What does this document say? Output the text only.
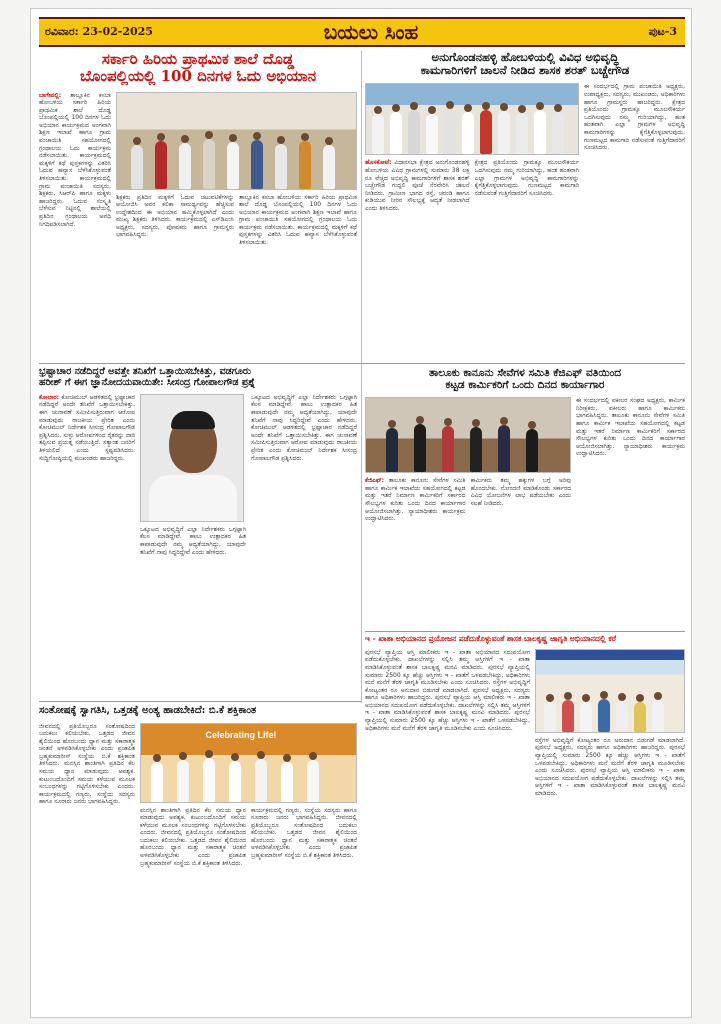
ರವಿವಾರ: 23-02-2025	ಬಯಲು ಸಿಂಹ	ಪುಟ-3
ಸರ್ಕಾರಿ ಹಿರಿಯ ಪ್ರಾಥಮಿಕ ಶಾಲೆ ದೊಡ್ಡ
ಬೊಂಪಲ್ಲಿಯಲ್ಲಿ 100 ದಿನಗಳ ಓದು ಅಭಿಯಾನ
ಬಾಗೇಪಲ್ಲಿ: ತಾಲ್ಲೂಕಿನ ಕಸಬಾ ಹೋಬಳಿಯ ಸರ್ಕಾರಿ ಹಿರಿಯ ಪ್ರಾಥಮಿಕ ಶಾಲೆ ದೊಡ್ಡ ಬೊಂಪಲ್ಲಿಯಲ್ಲಿ 100 ದಿನಗಳ ಓದು ಅಭಿಯಾನ ಕಾರ್ಯಕ್ರಮದ ಅಂಗವಾಗಿ ಶಿಕ್ಷಣ ಇಲಾಖೆ ಹಾಗೂ ಗ್ರಾಮ ಪಂಚಾಯಿತಿ ಸಹಯೋಗದಲ್ಲಿ ಗ್ರಂಥಾಲಯ ಓದು ಕಾರ್ಯಕ್ರಮ ನಡೆಸಲಾಯಿತು. ಕಾರ್ಯಕ್ರಮದಲ್ಲಿ ಮಕ್ಕಳಿಗೆ ಕಥೆ ಪುಸ್ತಕಗಳನ್ನು ವಿತರಿಸಿ ಓದುವ ಹವ್ಯಾಸ ಬೆಳೆಸಿಕೊಳ್ಳುವಂತೆ ತಿಳಿಸಲಾಯಿತು. ಕಾರ್ಯಕ್ರಮದಲ್ಲಿ ಗ್ರಾಮ ಪಂಚಾಯಿತಿ ಸದಸ್ಯರು, ಶಿಕ್ಷಕರು, ಸಿಆರ್‌ಪಿ ಹಾಗೂ ಮಕ್ಕಳು ಹಾಜರಿದ್ದರು. ಓದುವ ಸಂಸ್ಕೃತಿ ಬೆಳೆಸುವ ನಿಟ್ಟಿನಲ್ಲಿ ಶಾಲೆಯಲ್ಲಿ ಪ್ರತಿದಿನ ಗ್ರಂಥಾಲಯ ಅವಧಿ ನಿಗದಿಪಡಿಸಲಾಗಿದೆ.
ಶಿಕ್ಷಕರು ಪ್ರತಿದಿನ ಮಕ್ಕಳಿಗೆ ಓದುವ ಚಟುವಟಿಕೆಗಳನ್ನು ಆಯೋಜಿಸಿ ಅವರ ಕಲಿಕಾ ಸಾಮರ್ಥ್ಯವನ್ನು ಹೆಚ್ಚಿಸುವ ಉದ್ದೇಶದಿಂದ ಈ ಅಭಿಯಾನ ಹಮ್ಮಿಕೊಳ್ಳಲಾಗಿದೆ ಎಂದು ಮುಖ್ಯ ಶಿಕ್ಷಕರು ತಿಳಿಸಿದರು. ಕಾರ್ಯಕ್ರಮದಲ್ಲಿ ಎಸ್‌ಡಿಎಂಸಿ ಅಧ್ಯಕ್ಷರು, ಸದಸ್ಯರು, ಪೋಷಕರು ಹಾಗೂ ಗ್ರಾಮಸ್ಥರು ಭಾಗವಹಿಸಿದ್ದರು.
ತಾಲ್ಲೂಕಿನ ಕಸಬಾ ಹೋಬಳಿಯ ಸರ್ಕಾರಿ ಹಿರಿಯ ಪ್ರಾಥಮಿಕ ಶಾಲೆ ದೊಡ್ಡ ಬೊಂಪಲ್ಲಿಯಲ್ಲಿ 100 ದಿನಗಳ ಓದು ಅಭಿಯಾನ ಕಾರ್ಯಕ್ರಮದ ಅಂಗವಾಗಿ ಶಿಕ್ಷಣ ಇಲಾಖೆ ಹಾಗೂ ಗ್ರಾಮ ಪಂಚಾಯಿತಿ ಸಹಯೋಗದಲ್ಲಿ ಗ್ರಂಥಾಲಯ ಓದು ಕಾರ್ಯಕ್ರಮ ನಡೆಸಲಾಯಿತು. ಕಾರ್ಯಕ್ರಮದಲ್ಲಿ ಮಕ್ಕಳಿಗೆ ಕಥೆ ಪುಸ್ತಕಗಳನ್ನು ವಿತರಿಸಿ ಓದುವ ಹವ್ಯಾಸ ಬೆಳೆಸಿಕೊಳ್ಳುವಂತೆ ತಿಳಿಸಲಾಯಿತು.
ಅನುಗೊಂಡನಹಳ್ಳಿ ಹೋಬಳಿಯಲ್ಲಿ ವಿವಿಧ ಅಭಿವೃದ್ಧಿ
ಕಾಮಗಾರಿಗಳಿಗೆ ಚಾಲನೆ ನೀಡಿದ ಶಾಸಕ ಶರತ್ ಬಚ್ಚೇಗೌಡ
ಹೊಸಕೋಟೆ: ವಿಧಾನಸಭಾ ಕ್ಷೇತ್ರದ ಅನುಗೊಂಡನಹಳ್ಳಿ ಹೋಬಳಿಯ ವಿವಿಧ ಗ್ರಾಮಗಳಲ್ಲಿ ಸುಮಾರು 38 ಲಕ್ಷ ರೂ ವೆಚ್ಚದ ಅಭಿವೃದ್ಧಿ ಕಾಮಗಾರಿಗಳಿಗೆ ಶಾಸಕ ಶರತ್ ಬಚ್ಚೇಗೌಡ ಗುದ್ದಲಿ ಪೂಜೆ ನೆರವೇರಿಸಿ ಚಾಲನೆ ನೀಡಿದರು. ಗ್ರಾಮೀಣ ಭಾಗದ ರಸ್ತೆ, ಚರಂಡಿ ಹಾಗೂ ಕುಡಿಯುವ ನೀರಿನ ಸೌಲಭ್ಯಕ್ಕೆ ಆದ್ಯತೆ ನೀಡಲಾಗಿದೆ ಎಂದು ತಿಳಿಸಿದರು.
ಕ್ಷೇತ್ರದ ಪ್ರತಿಯೊಂದು ಗ್ರಾಮಕ್ಕೂ ಮೂಲಸೌಕರ್ಯ ಒದಗಿಸುವುದು ನಮ್ಮ ಗುರಿಯಾಗಿದ್ದು, ಹಂತ ಹಂತವಾಗಿ ಎಲ್ಲಾ ಗ್ರಾಮಗಳ ಅಭಿವೃದ್ಧಿ ಕಾಮಗಾರಿಗಳನ್ನು ಕೈಗೆತ್ತಿಕೊಳ್ಳಲಾಗುವುದು. ಗುಣಮಟ್ಟದ ಕಾಮಗಾರಿ ನಡೆಸುವಂತೆ ಗುತ್ತಿಗೆದಾರರಿಗೆ ಸೂಚಿಸಿದರು.
ಈ ಸಂದರ್ಭದಲ್ಲಿ ಗ್ರಾಮ ಪಂಚಾಯಿತಿ ಅಧ್ಯಕ್ಷರು, ಉಪಾಧ್ಯಕ್ಷರು, ಸದಸ್ಯರು, ಮುಖಂಡರು, ಅಧಿಕಾರಿಗಳು ಹಾಗೂ ಗ್ರಾಮಸ್ಥರು ಹಾಜರಿದ್ದರು. ಕ್ಷೇತ್ರದ ಪ್ರತಿಯೊಂದು ಗ್ರಾಮಕ್ಕೂ ಮೂಲಸೌಕರ್ಯ ಒದಗಿಸುವುದು ನಮ್ಮ ಗುರಿಯಾಗಿದ್ದು, ಹಂತ ಹಂತವಾಗಿ ಎಲ್ಲಾ ಗ್ರಾಮಗಳ ಅಭಿವೃದ್ಧಿ ಕಾಮಗಾರಿಗಳನ್ನು ಕೈಗೆತ್ತಿಕೊಳ್ಳಲಾಗುವುದು. ಗುಣಮಟ್ಟದ ಕಾಮಗಾರಿ ನಡೆಸುವಂತೆ ಗುತ್ತಿಗೆದಾರರಿಗೆ ಸೂಚಿಸಿದರು.
ಭ್ರಷ್ಟಾಚಾರ ನಡೆದಿದ್ದರೆ ಅವತ್ತೇ ತನಿಖೆಗೆ ಒತ್ತಾಯಿಸಬೇಕಿತ್ತು, ವಡಗೂರು
ಹರೀಶ್ ಗೆ ಈಗ ಜ್ಞಾನೋದಯವಾಯಿತೇ: ಸೀಸಂದ್ರ ಗೋಪಾಲಗೌಡ ಪ್ರಶ್ನೆ
ಕೋಲಾರ: ಕೋಚಿಮುಲ್ ಆಡಳಿತದಲ್ಲಿ ಭ್ರಷ್ಟಾಚಾರ ನಡೆದಿದ್ದರೆ ಅಂದೇ ತನಿಖೆಗೆ ಒತ್ತಾಯಿಸಬೇಕಿತ್ತು. ಈಗ ಚುನಾವಣೆ ಸಮೀಪಿಸುತ್ತಿರುವಾಗ ಆರೋಪ ಮಾಡುವುದು ರಾಜಕೀಯ ಪ್ರೇರಿತ ಎಂದು ಕೋಚಿಮುಲ್ ನಿರ್ದೇಶಕ ಸೀಸಂದ್ರ ಗೋಪಾಲಗೌಡ ಪ್ರಶ್ನಿಸಿದರು. ಸುಳ್ಳು ಆರೋಪಗಳಿಂದ ರೈತರನ್ನು ದಾರಿ ತಪ್ಪಿಸುವ ಪ್ರಯತ್ನ ನಡೆಯುತ್ತಿದೆ. ಸತ್ಯಾಂಶ ಜನರಿಗೆ ತಿಳಿಯಲಿದೆ ಎಂದು ಸ್ಪಷ್ಟಪಡಿಸಿದರು. ಸುದ್ದಿಗೋಷ್ಠಿಯಲ್ಲಿ ಮುಖಂಡರು ಹಾಜರಿದ್ದರು.
ಒಕ್ಕೂಟದ ಅಭಿವೃದ್ಧಿಗೆ ಎಲ್ಲಾ ನಿರ್ದೇಶಕರು ಒಗ್ಗಟ್ಟಾಗಿ ಕೆಲಸ ಮಾಡಿದ್ದೇವೆ. ಹಾಲು ಉತ್ಪಾದಕರ ಹಿತ ಕಾಪಾಡುವುದೇ ನಮ್ಮ ಆದ್ಯತೆಯಾಗಿದ್ದು, ಯಾವುದೇ ತನಿಖೆಗೆ ನಾವು ಸಿದ್ಧರಿದ್ದೇವೆ ಎಂದು ಹೇಳಿದರು.
ಒಕ್ಕೂಟದ ಅಭಿವೃದ್ಧಿಗೆ ಎಲ್ಲಾ ನಿರ್ದೇಶಕರು ಒಗ್ಗಟ್ಟಾಗಿ ಕೆಲಸ ಮಾಡಿದ್ದೇವೆ. ಹಾಲು ಉತ್ಪಾದಕರ ಹಿತ ಕಾಪಾಡುವುದೇ ನಮ್ಮ ಆದ್ಯತೆಯಾಗಿದ್ದು, ಯಾವುದೇ ತನಿಖೆಗೆ ನಾವು ಸಿದ್ಧರಿದ್ದೇವೆ ಎಂದು ಹೇಳಿದರು. ಕೋಚಿಮುಲ್ ಆಡಳಿತದಲ್ಲಿ ಭ್ರಷ್ಟಾಚಾರ ನಡೆದಿದ್ದರೆ ಅಂದೇ ತನಿಖೆಗೆ ಒತ್ತಾಯಿಸಬೇಕಿತ್ತು. ಈಗ ಚುನಾವಣೆ ಸಮೀಪಿಸುತ್ತಿರುವಾಗ ಆರೋಪ ಮಾಡುವುದು ರಾಜಕೀಯ ಪ್ರೇರಿತ ಎಂದು ಕೋಚಿಮುಲ್ ನಿರ್ದೇಶಕ ಸೀಸಂದ್ರ ಗೋಪಾಲಗೌಡ ಪ್ರಶ್ನಿಸಿದರು.
ತಾಲೂಕು ಕಾನೂನು ಸೇವೆಗಳ ಸಮಿತಿ ಕೆಜಿಎಫ್ ವತಿಯಿಂದ
ಕಟ್ಟಡ ಕಾರ್ಮಿಕರಿಗೆ ಒಂದು ದಿನದ ಕಾರ್ಯಾಗಾರ
ಕೆಜಿಎಫ್: ತಾಲೂಕು ಕಾನೂನು ಸೇವೆಗಳ ಸಮಿತಿ ಹಾಗೂ ಕಾರ್ಮಿಕ ಇಲಾಖೆಯ ಸಹಯೋಗದಲ್ಲಿ ಕಟ್ಟಡ ಮತ್ತು ಇತರೆ ನಿರ್ಮಾಣ ಕಾರ್ಮಿಕರಿಗೆ ಸರ್ಕಾರದ ಸೌಲಭ್ಯಗಳ ಕುರಿತು ಒಂದು ದಿನದ ಕಾರ್ಯಾಗಾರ ಆಯೋಜಿಸಲಾಗಿತ್ತು. ನ್ಯಾಯಾಧೀಶರು ಕಾರ್ಯಕ್ರಮ ಉದ್ಘಾಟಿಸಿದರು.
ಕಾರ್ಮಿಕರು ತಮ್ಮ ಹಕ್ಕುಗಳ ಬಗ್ಗೆ ಅರಿವು ಹೊಂದಬೇಕು. ನೋಂದಣಿ ಮಾಡಿಕೊಂಡು ಸರ್ಕಾರದ ವಿವಿಧ ಯೋಜನೆಗಳ ಲಾಭ ಪಡೆಯಬೇಕು ಎಂದು ಸಲಹೆ ನೀಡಿದರು.
ಈ ಸಂದರ್ಭದಲ್ಲಿ ವಕೀಲರ ಸಂಘದ ಅಧ್ಯಕ್ಷರು, ಕಾರ್ಮಿಕ ನಿರೀಕ್ಷಕರು, ವಕೀಲರು ಹಾಗೂ ಕಾರ್ಮಿಕರು ಭಾಗವಹಿಸಿದ್ದರು. ತಾಲೂಕು ಕಾನೂನು ಸೇವೆಗಳ ಸಮಿತಿ ಹಾಗೂ ಕಾರ್ಮಿಕ ಇಲಾಖೆಯ ಸಹಯೋಗದಲ್ಲಿ ಕಟ್ಟಡ ಮತ್ತು ಇತರೆ ನಿರ್ಮಾಣ ಕಾರ್ಮಿಕರಿಗೆ ಸರ್ಕಾರದ ಸೌಲಭ್ಯಗಳ ಕುರಿತು ಒಂದು ದಿನದ ಕಾರ್ಯಾಗಾರ ಆಯೋಜಿಸಲಾಗಿತ್ತು. ನ್ಯಾಯಾಧೀಶರು ಕಾರ್ಯಕ್ರಮ ಉದ್ಘಾಟಿಸಿದರು.
ಇ - ಖಾತಾ ಅಭಿಯಾನದ ಪ್ರಯೋಜನ ಪಡೆದುಕೊಳ್ಳುವಂತೆ ಶಾಸಕ ಬಾಲಕೃಷ್ಣ ಜಾಗೃತಿ ಅಭಿಯಾನದಲ್ಲಿ ಕರೆ
ಪುರಸಭೆ ವ್ಯಾಪ್ತಿಯ ಆಸ್ತಿ ಮಾಲೀಕರು ಇ - ಖಾತಾ ಅಭಿಯಾನದ ಸದುಪಯೋಗ ಪಡೆದುಕೊಳ್ಳಬೇಕು. ದಾಖಲೆಗಳನ್ನು ಸಲ್ಲಿಸಿ ತಮ್ಮ ಆಸ್ತಿಗಳಿಗೆ ಇ - ಖಾತಾ ಮಾಡಿಸಿಕೊಳ್ಳುವಂತೆ ಶಾಸಕ ಬಾಲಕೃಷ್ಣ ಮನವಿ ಮಾಡಿದರು. ಪುರಸಭೆ ವ್ಯಾಪ್ತಿಯಲ್ಲಿ ಸುಮಾರು 2500 ಕ್ಕೂ ಹೆಚ್ಚು ಆಸ್ತಿಗಳು ಇ - ಖಾತೆಗೆ ಒಳಪಡಬೇಕಿದ್ದು, ಅಧಿಕಾರಿಗಳು ಮನೆ ಮನೆಗೆ ತೆರಳಿ ಜಾಗೃತಿ ಮೂಡಿಸಬೇಕು ಎಂದು ಸೂಚಿಸಿದರು. ರಸ್ತೆಗಳ ಅಭಿವೃದ್ಧಿಗೆ ಕೋಟ್ಯಂತರ ರೂ ಅನುದಾನ ಬಿಡುಗಡೆ ಮಾಡಲಾಗಿದೆ. ಪುರಸಭೆ ಅಧ್ಯಕ್ಷರು, ಸದಸ್ಯರು ಹಾಗೂ ಅಧಿಕಾರಿಗಳು ಹಾಜರಿದ್ದರು. ಪುರಸಭೆ ವ್ಯಾಪ್ತಿಯ ಆಸ್ತಿ ಮಾಲೀಕರು ಇ - ಖಾತಾ ಅಭಿಯಾನದ ಸದುಪಯೋಗ ಪಡೆದುಕೊಳ್ಳಬೇಕು. ದಾಖಲೆಗಳನ್ನು ಸಲ್ಲಿಸಿ ತಮ್ಮ ಆಸ್ತಿಗಳಿಗೆ ಇ - ಖಾತಾ ಮಾಡಿಸಿಕೊಳ್ಳುವಂತೆ ಶಾಸಕ ಬಾಲಕೃಷ್ಣ ಮನವಿ ಮಾಡಿದರು. ಪುರಸಭೆ ವ್ಯಾಪ್ತಿಯಲ್ಲಿ ಸುಮಾರು 2500 ಕ್ಕೂ ಹೆಚ್ಚು ಆಸ್ತಿಗಳು ಇ - ಖಾತೆಗೆ ಒಳಪಡಬೇಕಿದ್ದು, ಅಧಿಕಾರಿಗಳು ಮನೆ ಮನೆಗೆ ತೆರಳಿ ಜಾಗೃತಿ ಮೂಡಿಸಬೇಕು ಎಂದು ಸೂಚಿಸಿದರು.
ರಸ್ತೆಗಳ ಅಭಿವೃದ್ಧಿಗೆ ಕೋಟ್ಯಂತರ ರೂ ಅನುದಾನ ಬಿಡುಗಡೆ ಮಾಡಲಾಗಿದೆ. ಪುರಸಭೆ ಅಧ್ಯಕ್ಷರು, ಸದಸ್ಯರು ಹಾಗೂ ಅಧಿಕಾರಿಗಳು ಹಾಜರಿದ್ದರು. ಪುರಸಭೆ ವ್ಯಾಪ್ತಿಯಲ್ಲಿ ಸುಮಾರು 2500 ಕ್ಕೂ ಹೆಚ್ಚು ಆಸ್ತಿಗಳು ಇ - ಖಾತೆಗೆ ಒಳಪಡಬೇಕಿದ್ದು, ಅಧಿಕಾರಿಗಳು ಮನೆ ಮನೆಗೆ ತೆರಳಿ ಜಾಗೃತಿ ಮೂಡಿಸಬೇಕು ಎಂದು ಸೂಚಿಸಿದರು. ಪುರಸಭೆ ವ್ಯಾಪ್ತಿಯ ಆಸ್ತಿ ಮಾಲೀಕರು ಇ - ಖಾತಾ ಅಭಿಯಾನದ ಸದುಪಯೋಗ ಪಡೆದುಕೊಳ್ಳಬೇಕು. ದಾಖಲೆಗಳನ್ನು ಸಲ್ಲಿಸಿ ತಮ್ಮ ಆಸ್ತಿಗಳಿಗೆ ಇ - ಖಾತಾ ಮಾಡಿಸಿಕೊಳ್ಳುವಂತೆ ಶಾಸಕ ಬಾಲಕೃಷ್ಣ ಮನವಿ ಮಾಡಿದರು.
ಸಂತೋಷಕ್ಕೆ ಸ್ವಾಗತಿಸಿ, ಒತ್ತಡಕ್ಕೆ ಅಂತ್ಯ ಹಾಡಬೇಕಿದೆ: ಬಿ.ಕೆ ಶಕ್ತಿಕಾಂತ
ಜೀವನದಲ್ಲಿ ಪ್ರತಿಯೊಬ್ಬರೂ ಸಂತೋಷದಿಂದ ಬದುಕಲು ಕಲಿಯಬೇಕು. ಒತ್ತಡದ ಜೀವನ ಶೈಲಿಯಿಂದ ಹೊರಬಂದು ಧ್ಯಾನ ಮತ್ತು ಸಕಾರಾತ್ಮಕ ಚಿಂತನೆ ಅಳವಡಿಸಿಕೊಳ್ಳಬೇಕು ಎಂದು ಪ್ರಜಾಪಿತ ಬ್ರಹ್ಮಕುಮಾರೀಸ್ ಸಂಸ್ಥೆಯ ಬಿ.ಕೆ ಶಕ್ತಿಕಾಂತ ತಿಳಿಸಿದರು. ಮನಸ್ಸಿನ ಶಾಂತಿಗಾಗಿ ಪ್ರತಿದಿನ ಕೆಲ ಸಮಯ ಧ್ಯಾನ ಮಾಡುವುದು ಅವಶ್ಯಕ. ಕುಟುಂಬದೊಂದಿಗೆ ಸಮಯ ಕಳೆಯುವ ಮೂಲಕ ಸಂಬಂಧಗಳನ್ನು ಗಟ್ಟಿಗೊಳಿಸಬೇಕು ಎಂದರು. ಕಾರ್ಯಕ್ರಮದಲ್ಲಿ ಗಣ್ಯರು, ಸಂಸ್ಥೆಯ ಸದಸ್ಯರು ಹಾಗೂ ನೂರಾರು ಜನರು ಭಾಗವಹಿಸಿದ್ದರು.
Celebrating Life!
ಮನಸ್ಸಿನ ಶಾಂತಿಗಾಗಿ ಪ್ರತಿದಿನ ಕೆಲ ಸಮಯ ಧ್ಯಾನ ಮಾಡುವುದು ಅವಶ್ಯಕ. ಕುಟುಂಬದೊಂದಿಗೆ ಸಮಯ ಕಳೆಯುವ ಮೂಲಕ ಸಂಬಂಧಗಳನ್ನು ಗಟ್ಟಿಗೊಳಿಸಬೇಕು ಎಂದರು. ಜೀವನದಲ್ಲಿ ಪ್ರತಿಯೊಬ್ಬರೂ ಸಂತೋಷದಿಂದ ಬದುಕಲು ಕಲಿಯಬೇಕು. ಒತ್ತಡದ ಜೀವನ ಶೈಲಿಯಿಂದ ಹೊರಬಂದು ಧ್ಯಾನ ಮತ್ತು ಸಕಾರಾತ್ಮಕ ಚಿಂತನೆ ಅಳವಡಿಸಿಕೊಳ್ಳಬೇಕು ಎಂದು ಪ್ರಜಾಪಿತ ಬ್ರಹ್ಮಕುಮಾರೀಸ್ ಸಂಸ್ಥೆಯ ಬಿ.ಕೆ ಶಕ್ತಿಕಾಂತ ತಿಳಿಸಿದರು.
ಕಾರ್ಯಕ್ರಮದಲ್ಲಿ ಗಣ್ಯರು, ಸಂಸ್ಥೆಯ ಸದಸ್ಯರು ಹಾಗೂ ನೂರಾರು ಜನರು ಭಾಗವಹಿಸಿದ್ದರು. ಜೀವನದಲ್ಲಿ ಪ್ರತಿಯೊಬ್ಬರೂ ಸಂತೋಷದಿಂದ ಬದುಕಲು ಕಲಿಯಬೇಕು. ಒತ್ತಡದ ಜೀವನ ಶೈಲಿಯಿಂದ ಹೊರಬಂದು ಧ್ಯಾನ ಮತ್ತು ಸಕಾರಾತ್ಮಕ ಚಿಂತನೆ ಅಳವಡಿಸಿಕೊಳ್ಳಬೇಕು ಎಂದು ಪ್ರಜಾಪಿತ ಬ್ರಹ್ಮಕುಮಾರೀಸ್ ಸಂಸ್ಥೆಯ ಬಿ.ಕೆ ಶಕ್ತಿಕಾಂತ ತಿಳಿಸಿದರು.
